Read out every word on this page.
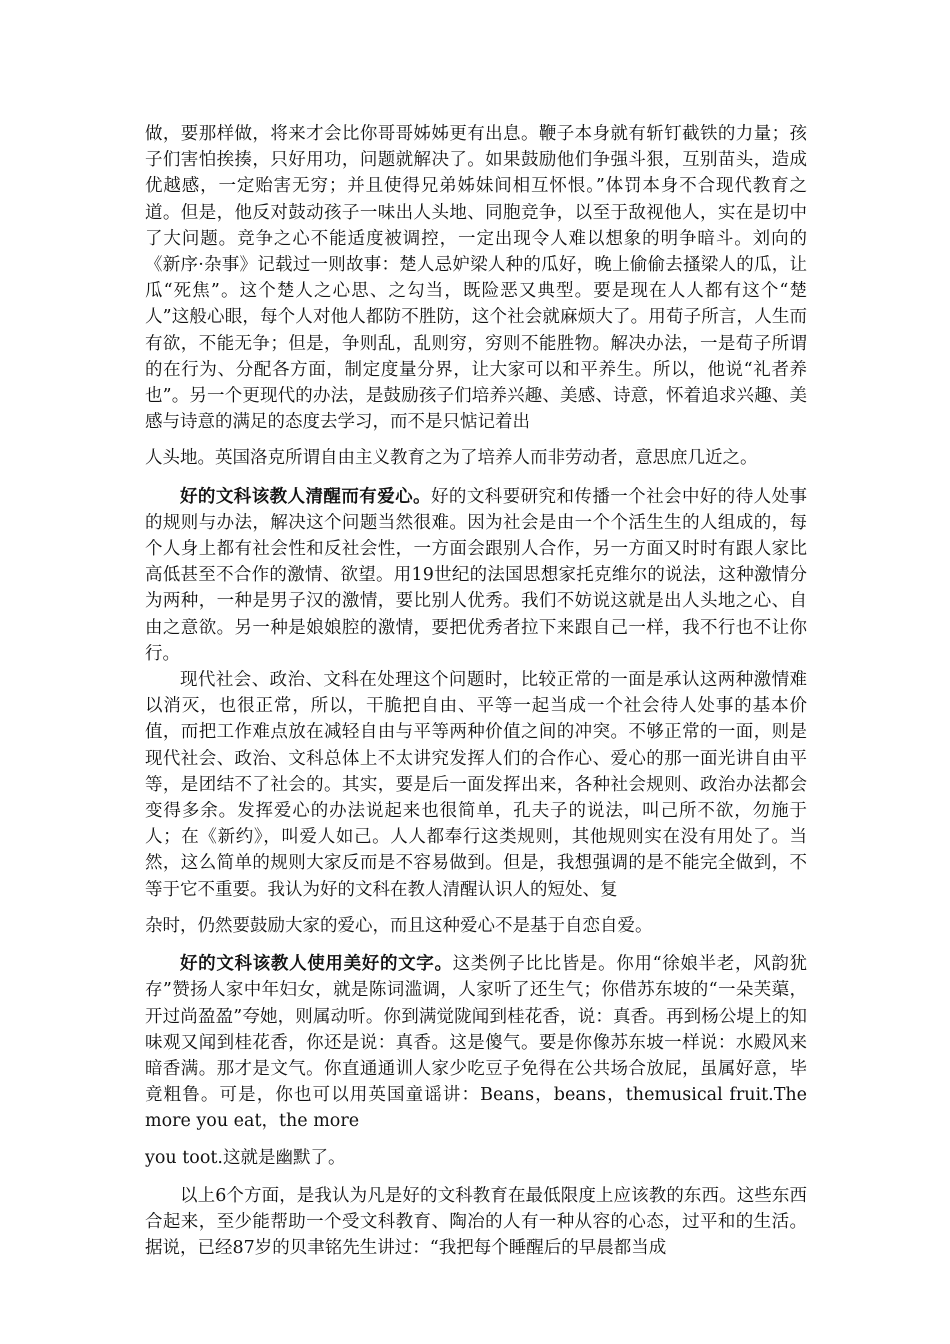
做，要那样做，将来才会比你哥哥姊姊更有出息。鞭子本身就有斩钉截铁的力量；孩子们害怕挨揍，只好用功，问题就解决了。如果鼓励他们争强斗狠，互别苗头，造成优越感，一定贻害无穷；并且使得兄弟姊妹间相互怀恨。”体罚本身不合现代教育之道。但是，他反对鼓动孩子一味出人头地、同胞竞争，以至于敌视他人，实在是切中了大问题。竞争之心不能适度被调控，一定出现令人难以想象的明争暗斗。刘向的《新序·杂事》记载过一则故事：楚人忌妒梁人种的瓜好，晚上偷偷去搔梁人的瓜，让瓜“死焦”。这个楚人之心思、之勾当，既险恶又典型。要是现在人人都有这个“楚人”这般心眼，每个人对他人都防不胜防，这个社会就麻烦大了。用荀子所言，人生而有欲，不能无争；但是，争则乱，乱则穷，穷则不能胜物。解决办法，一是荀子所谓的在行为、分配各方面，制定度量分界，让大家可以和平养生。所以，他说“礼者养也”。另一个更现代的办法，是鼓励孩子们培养兴趣、美感、诗意，怀着追求兴趣、美感与诗意的满足的态度去学习，而不是只惦记着出

人头地。英国洛克所谓自由主义教育之为了培养人而非劳动者，意思庶几近之。

好的文科该教人清醒而有爱心。好的文科要研究和传播一个社会中好的待人处事的规则与办法，解决这个问题当然很难。因为社会是由一个个活生生的人组成的，每个人身上都有社会性和反社会性，一方面会跟别人合作，另一方面又时时有跟人家比高低甚至不合作的激情、欲望。用19世纪的法国思想家托克维尔的说法，这种激情分为两种，一种是男子汉的激情，要比别人优秀。我们不妨说这就是出人头地之心、自由之意欲。另一种是娘娘腔的激情，要把优秀者拉下来跟自己一样，我不行也不让你行。

现代社会、政治、文科在处理这个问题时，比较正常的一面是承认这两种激情难以消灭，也很正常，所以，干脆把自由、平等一起当成一个社会待人处事的基本价值，而把工作难点放在减轻自由与平等两种价值之间的冲突。不够正常的一面，则是现代社会、政治、文科总体上不太讲究发挥人们的合作心、爱心的那一面光讲自由平等，是团结不了社会的。其实，要是后一面发挥出来，各种社会规则、政治办法都会变得多余。发挥爱心的办法说起来也很简单，孔夫子的说法，叫己所不欲，勿施于人；在《新约》，叫爱人如己。人人都奉行这类规则，其他规则实在没有用处了。当然，这么简单的规则大家反而是不容易做到。但是，我想强调的是不能完全做到，不等于它不重要。我认为好的文科在教人清醒认识人的短处、复

杂时，仍然要鼓励大家的爱心，而且这种爱心不是基于自恋自爱。

好的文科该教人使用美好的文字。这类例子比比皆是。你用“徐娘半老，风韵犹存”赞扬人家中年妇女，就是陈词滥调，人家听了还生气；你借苏东坡的“一朵芙蕖，开过尚盈盈”夸她，则属动听。你到满觉陇闻到桂花香，说：真香。再到杨公堤上的知味观又闻到桂花香，你还是说：真香。这是傻气。要是你像苏东坡一样说：水殿风来暗香满。那才是文气。你直通通训人家少吃豆子免得在公共场合放屁，虽属好意，毕竟粗鲁。可是，你也可以用英国童谣讲：Beans，beans，themusical fruit.The more you eat，the more

you toot.这就是幽默了。

以上6个方面，是我认为凡是好的文科教育在最低限度上应该教的东西。这些东西合起来，至少能帮助一个受文科教育、陶冶的人有一种从容的心态，过平和的生活。据说，已经87岁的贝聿铭先生讲过：“我把每个睡醒后的早晨都当成
